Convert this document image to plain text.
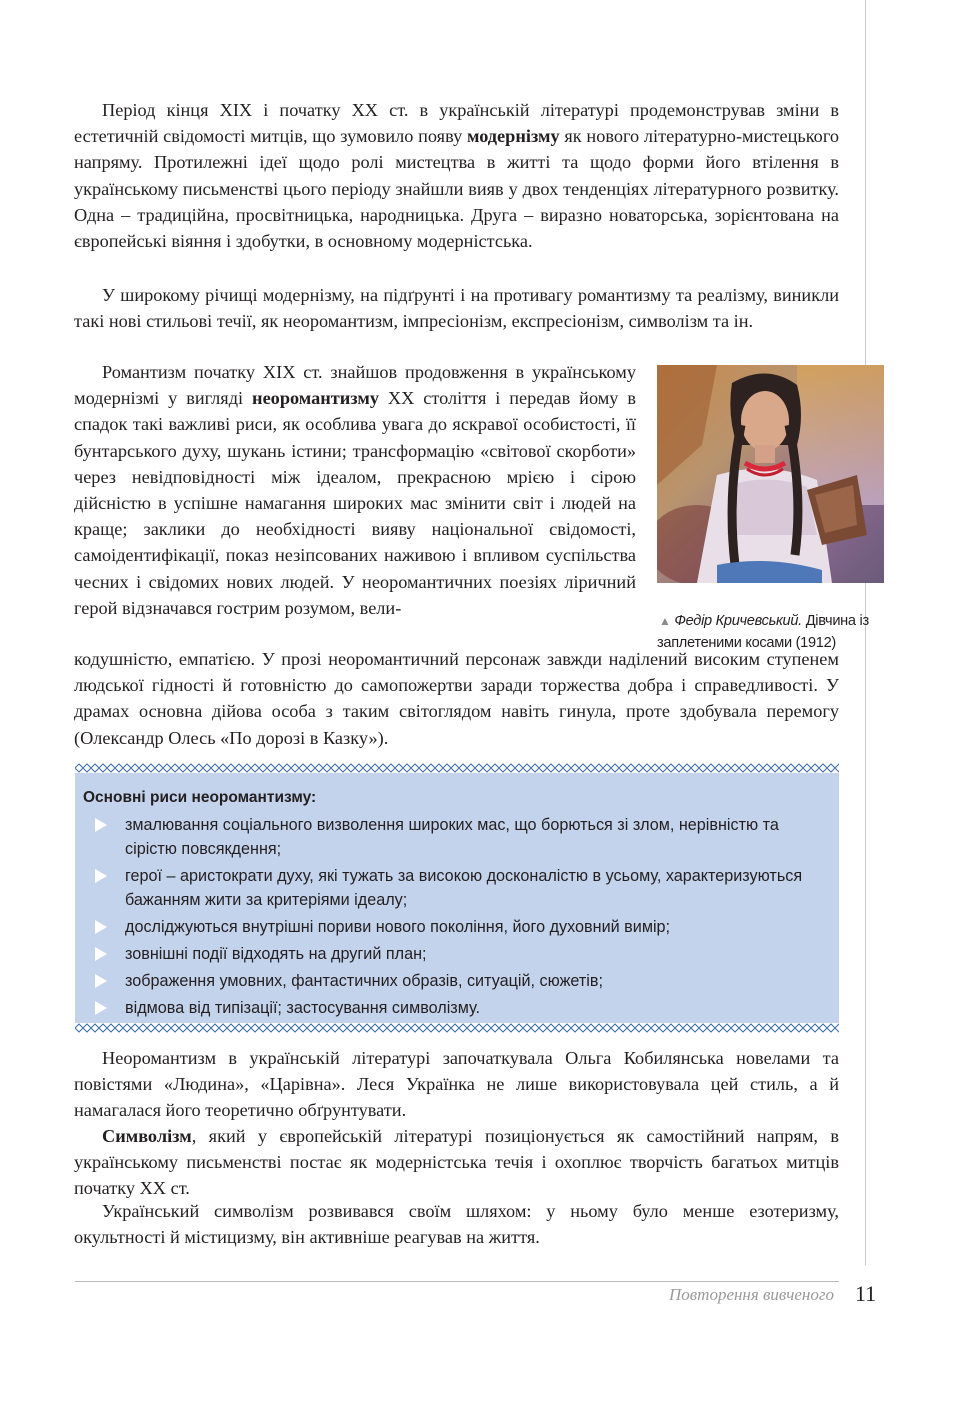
Період кінця ХІХ і початку ХХ ст. в українській літературі продемонстрував зміни в естетичній свідомості митців, що зумовило появу модернізму як нового літературно-мистецького напряму. Протилежні ідеї щодо ролі мистецтва в житті та щодо форми його втілення в українському письменстві цього періоду знайшли вияв у двох тенденціях літературного розвитку. Одна – традиційна, просвітницька, народницька. Друга – виразно новаторська, зорієнтована на європейські віяння і здобутки, в основному модерністська.

У широкому річищі модернізму, на підґрунті і на противагу романтизму та реалізму, виникли такі нові стильові течії, як неоромантизм, імпресіонізм, експресіонізм, символізм та ін.

Романтизм початку ХІХ ст. знайшов продовження в українському модернізмі у вигляді неоромантизму ХХ століття і передав йому в спадок такі важливі риси, як особлива увага до яскравої особистості, її бунтарського духу, шукань істини; трансформацію «світової скорботи» через невідповідності між ідеалом, прекрасною мрією і сірою дійсністю в успішне намагання широких мас змінити світ і людей на краще; заклики до необхідності вияву національної свідомості, самоідентифікації, показ незіпсованих наживою і впливом суспільства чесних і свідомих нових людей. У неоромантичних поезіях ліричний герой відзначався гострим розумом, вели-

кодушністю, емпатією. У прозі неоромантичний персонаж завжди наділений високим ступенем людської гідності й готовністю до самопожертви заради торжества добра і справедливості. У драмах основна дійова особа з таким світоглядом навіть гинула, проте здобувала перемогу (Олександр Олесь «По дорозі в Казку»).

▲ Федір Кричевський. Дівчина із заплетеними косами (1912)

Основні риси неоромантизму:

змалювання соціального визволення широких мас, що борються зі злом, нерівністю та сірістю повсякдення;
герої – аристократи духу, які тужать за високою досконалістю в усьому, характеризуються бажанням жити за критеріями ідеалу;
досліджуються внутрішні пориви нового покоління, його духовний вимір;
зовнішні події відходять на другий план;
зображення умовних, фантастичних образів, ситуацій, сюжетів;
відмова від типізації; застосування символізму.

Неоромантизм в українській літературі започаткувала Ольга Кобилянська новелами та повістями «Людина», «Царівна». Леся Українка не лише використовувала цей стиль, а й намагалася його теоретично обґрунтувати.

Символізм, який у європейській літературі позиціонується як самостійний напрям, в українському письменстві постає як модерністська течія і охоплює творчість багатьох митців початку ХХ ст.

Український символізм розвивався своїм шляхом: у ньому було менше езотеризму, окультності й містицизму, він активніше реагував на життя.

Повторення вивченого 11
